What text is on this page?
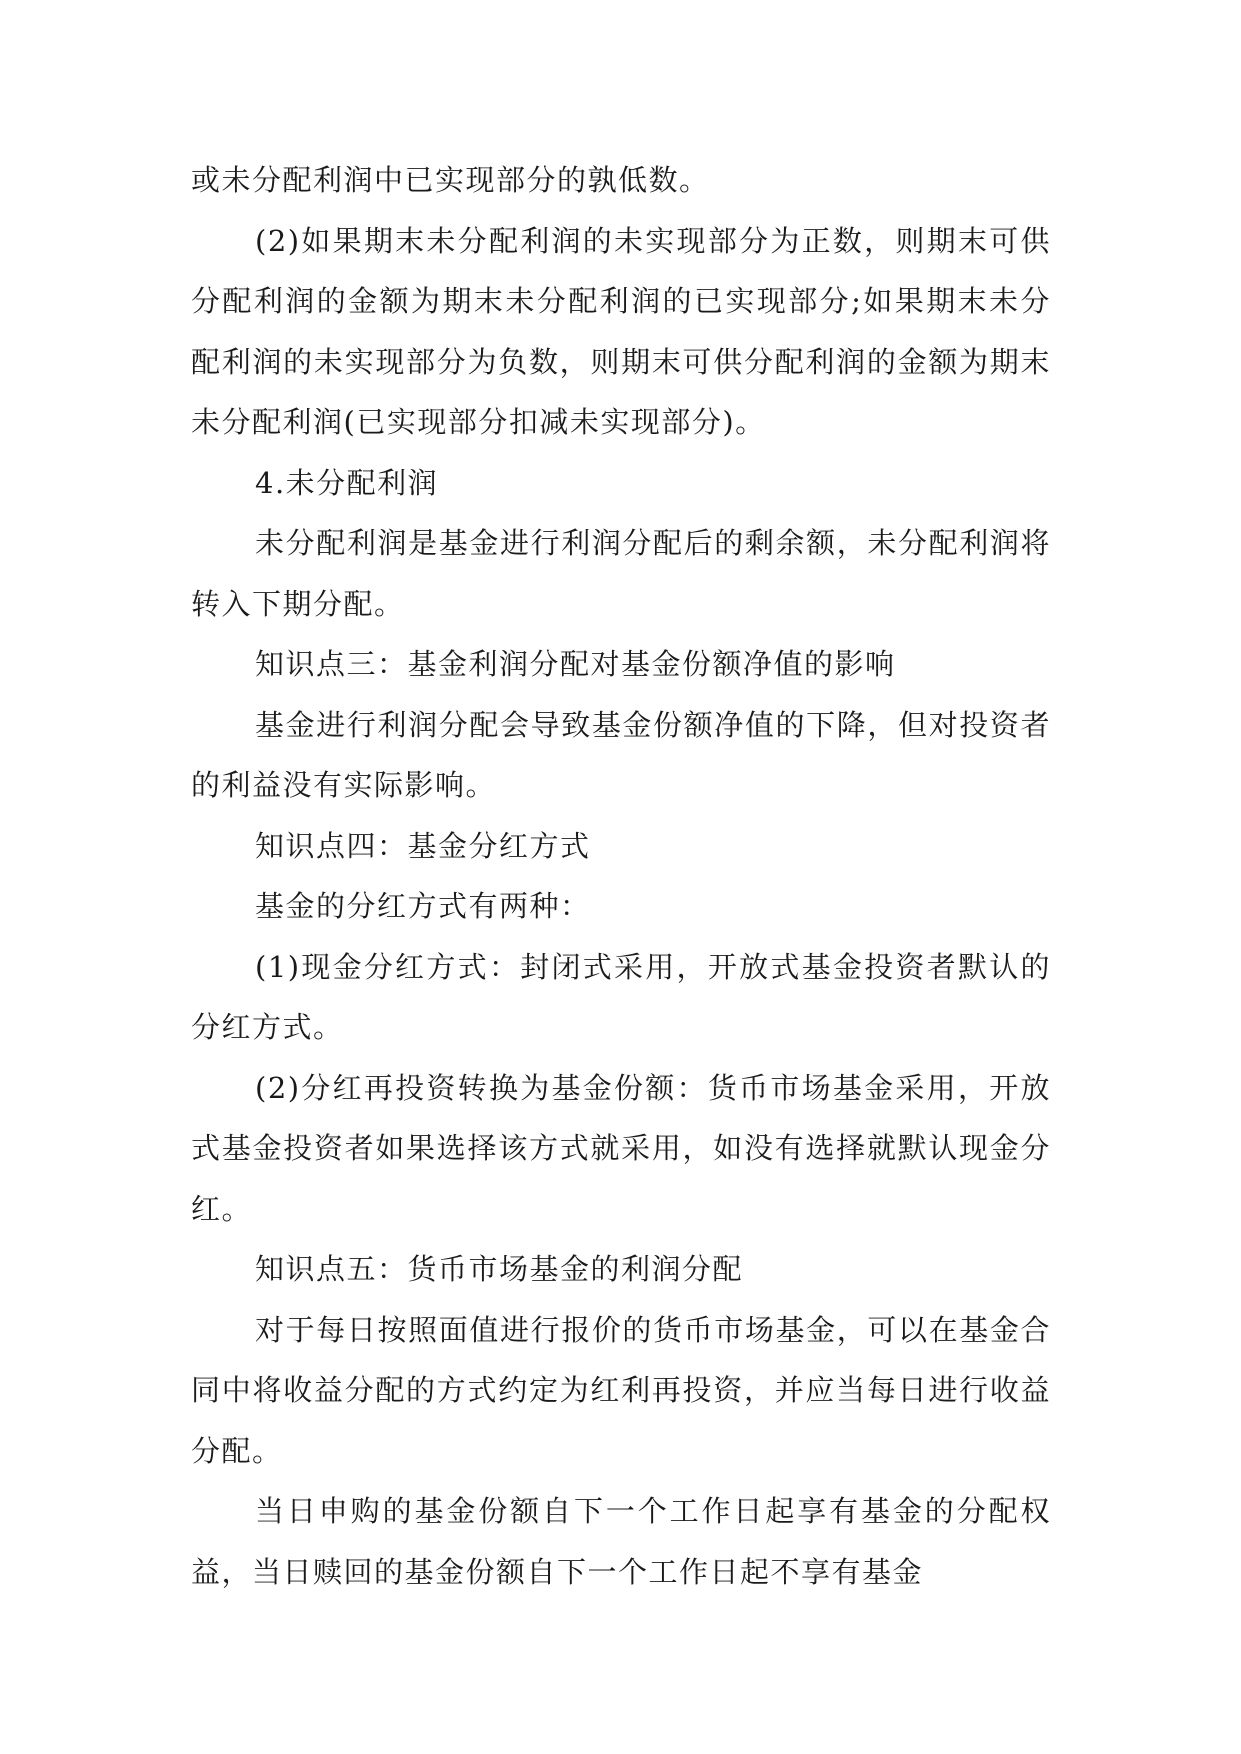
或未分配利润中已实现部分的孰低数。

(2)如果期末未分配利润的未实现部分为正数，则期末可供分配利润的金额为期末未分配利润的已实现部分;如果期末未分配利润的未实现部分为负数，则期末可供分配利润的金额为期末未分配利润(已实现部分扣减未实现部分)。

4.未分配利润

未分配利润是基金进行利润分配后的剩余额，未分配利润将转入下期分配。

知识点三：基金利润分配对基金份额净值的影响

基金进行利润分配会导致基金份额净值的下降，但对投资者的利益没有实际影响。

知识点四：基金分红方式

基金的分红方式有两种：

(1)现金分红方式：封闭式采用，开放式基金投资者默认的分红方式。

(2)分红再投资转换为基金份额：货币市场基金采用，开放式基金投资者如果选择该方式就采用，如没有选择就默认现金分红。

知识点五：货币市场基金的利润分配

对于每日按照面值进行报价的货币市场基金，可以在基金合同中将收益分配的方式约定为红利再投资，并应当每日进行收益分配。

当日申购的基金份额自下一个工作日起享有基金的分配权益，当日赎回的基金份额自下一个工作日起不享有基金
